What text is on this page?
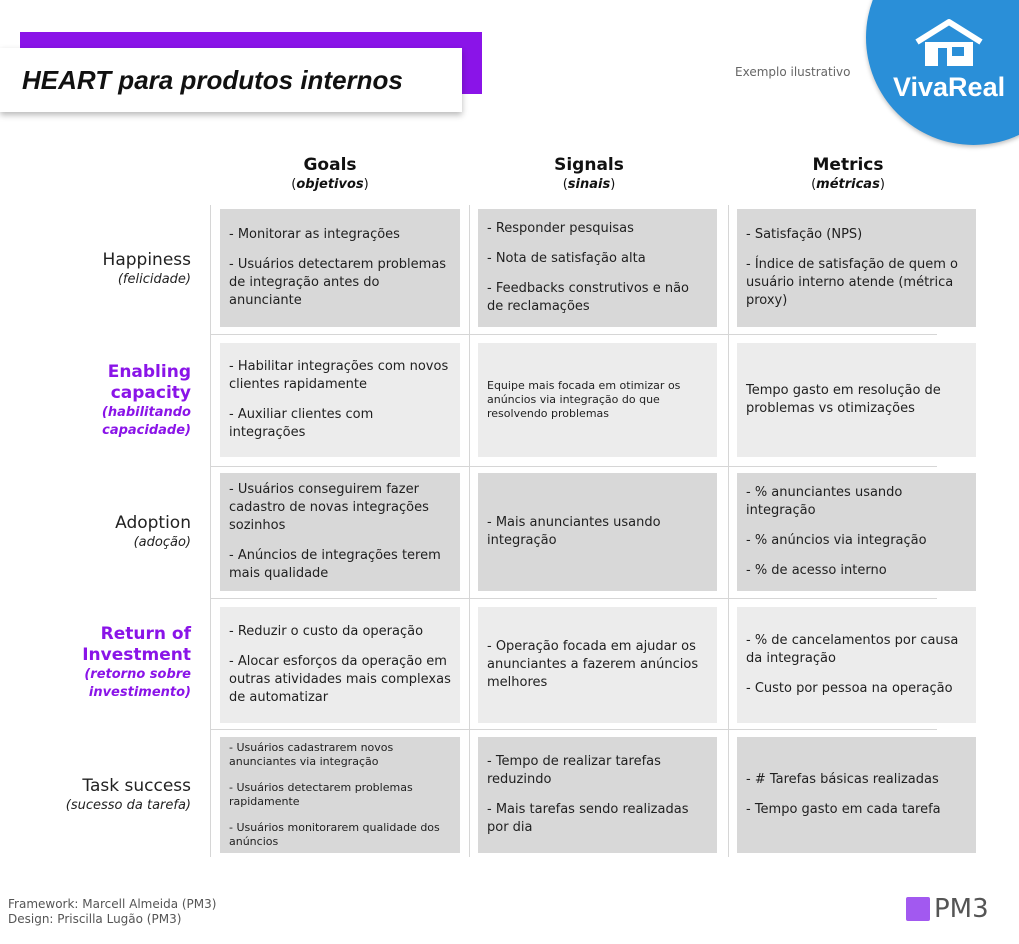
HEART para produtos internos	Exemplo ilustrativo VivaReal
Goals
(objetivos)
Signals
(sinais)
Metrics
(métricas)
Happiness
(felicidade)
- Monitorar as integrações
- Usuários detectarem problemas de integração antes do anunciante
- Responder pesquisas
- Nota de satisfação alta
- Feedbacks construtivos e não de reclamações
- Satisfação (NPS)
- Índice de satisfação de quem o usuário interno atende (métrica proxy)
Enabling capacity
(habilitando capacidade)
- Habilitar integrações com novos clientes rapidamente
- Auxiliar clientes com integrações
Equipe mais focada em otimizar os anúncios via integração do que resolvendo problemas
Tempo gasto em resolução de problemas vs otimizações
Adoption
(adoção)
- Usuários conseguirem fazer cadastro de novas integrações sozinhos
- Anúncios de integrações terem mais qualidade
- Mais anunciantes usando integração
- % anunciantes usando integração
- % anúncios via integração
- % de acesso interno
Return of Investment
(retorno sobre investimento)
- Reduzir o custo da operação
- Alocar esforços da operação em outras atividades mais complexas de automatizar
- Operação focada em ajudar os anunciantes a fazerem anúncios melhores
- % de cancelamentos por causa da integração
- Custo por pessoa na operação
Task success
(sucesso da tarefa)
- Usuários cadastrarem novos anunciantes via integração
- Usuários detectarem problemas rapidamente
- Usuários monitorarem qualidade dos anúncios
- Tempo de realizar tarefas reduzindo
- Mais tarefas sendo realizadas por dia
- # Tarefas básicas realizadas
- Tempo gasto em cada tarefa
Framework: Marcell Almeida (PM3)
Design: Priscilla Lugão (PM3)	PM3
